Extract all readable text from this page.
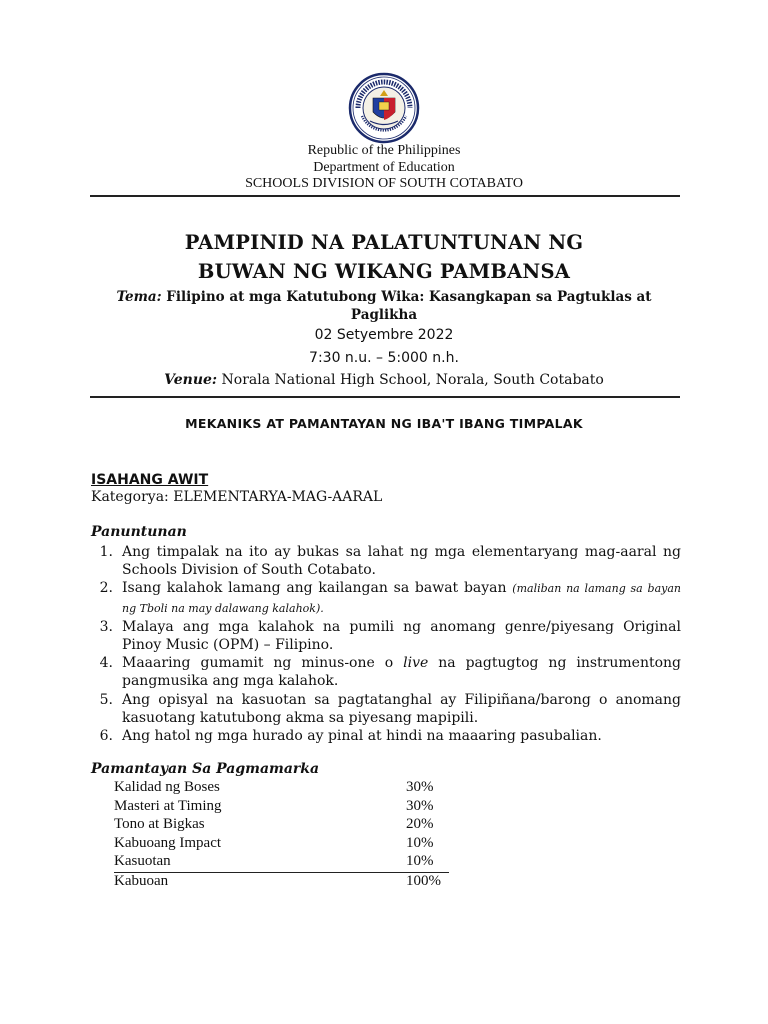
Republic of the Philippines
Department of Education
SCHOOLS DIVISION OF SOUTH COTABATO
PAMPINID NA PALATUNTUNAN NG
BUWAN NG WIKANG PAMBANSA
Tema: Filipino at mga Katutubong Wika: Kasangkapan sa Pagtuklas at Paglikha
02 Setyembre 2022
7:30 n.u. – 5:000 n.h.
Venue: Norala National High School, Norala, South Cotabato
MEKANIKS AT PAMANTAYAN NG IBA'T IBANG TIMPALAK
ISAHANG AWIT
Kategorya: ELEMENTARYA-MAG-AARAL
Panuntunan
1. Ang timpalak na ito ay bukas sa lahat ng mga elementaryang mag-aaral ng Schools Division of South Cotabato.
2. Isang kalahok lamang ang kailangan sa bawat bayan (maliban na lamang sa bayan ng Tboli na may dalawang kalahok).
3. Malaya ang mga kalahok na pumili ng anomang genre/piyesang Original Pinoy Music (OPM) – Filipino.
4. Maaaring gumamit ng minus-one o live na pagtugtog ng instrumentong pangmusika ang mga kalahok.
5. Ang opisyal na kasuotan sa pagtatanghal ay Filipiñana/barong o anomang kasuotang katutubong akma sa piyesang mapipili.
6. Ang hatol ng mga hurado ay pinal at hindi na maaaring pasubalian.
Pamantayan Sa Pagmamarka
Kalidad ng Boses	30%
Masteri at Timing	30%
Tono at Bigkas	20%
Kabuoang Impact	10%
Kasuotan	10%
Kabuoan	100%
